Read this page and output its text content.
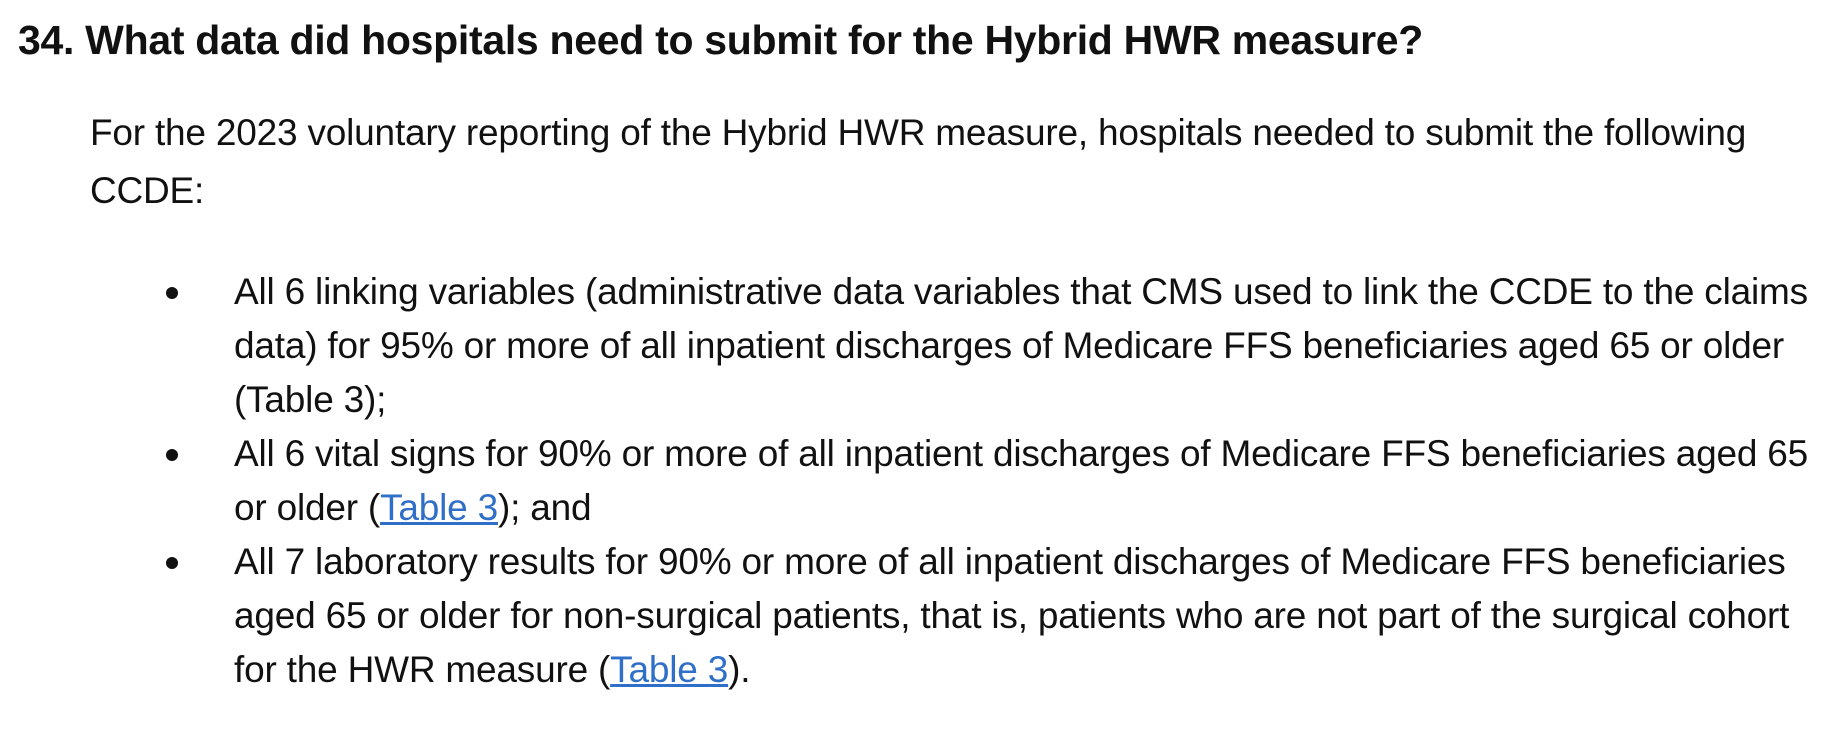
34. What data did hospitals need to submit for the Hybrid HWR measure?

For the 2023 voluntary reporting of the Hybrid HWR measure, hospitals needed to submit the following CCDE:

All 6 linking variables (administrative data variables that CMS used to link the CCDE to the claims data) for 95% or more of all inpatient discharges of Medicare FFS beneficiaries aged 65 or older (Table 3);
All 6 vital signs for 90% or more of all inpatient discharges of Medicare FFS beneficiaries aged 65 or older (Table 3); and
All 7 laboratory results for 90% or more of all inpatient discharges of Medicare FFS beneficiaries aged 65 or older for non-surgical patients, that is, patients who are not part of the surgical cohort for the HWR measure (Table 3).
